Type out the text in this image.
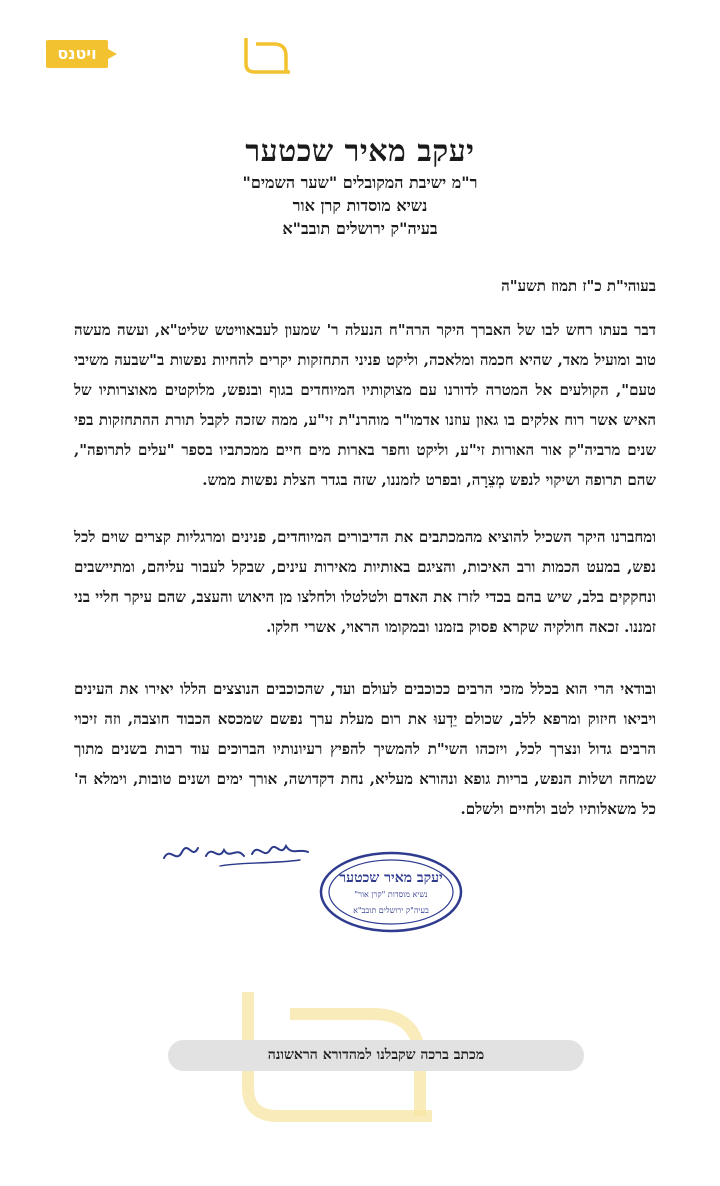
ויטנס
יעקב מאיר שכטער
ר"מ ישיבת המקובלים "שער השמים"
נשיא מוסדות קרן אור
בעיה"ק ירושלים תובב"א
בעוהי"ת כ"ז תמוז תשע"ה
דבר בעתו רחש לבו של האברך היקר הרה"ח הנעלה ר' שמעון לעבאוויטש שליט"א, ועשה מעשה טוב ומועיל מאד, שהיא חכמה ומלאכה, וליקט פניני התחזקות יקרים להחיות נפשות ב"שבעה משיבי טעם", הקולעים אל המטרה לדורנו עם מצוקותיו המיוחדים בגוף ובנפש, מלוקטים מאוצרותיו של האיש אשר רוח אלקים בו גאון עוזנו אדמו"ר מוהרנ"ת זי"ע, ממה שזכה לקבל תורת ההתחזקות בפי שנים מרביה"ק אור האורות זי"ע, וליקט וחפר בארות מים חיים ממכתביו בספר "עלים לתרופה", שהם תרופה ושיקוי לנפש מְצֵרָה, ובפרט לזמננו, שזה בגדר הצלת נפשות ממש.
ומחברנו היקר השכיל להוציא מהמכתבים את הדיבורים המיוחדים, פנינים ומרגליות קצרים שוים לכל נפש, במעט הכמות ורב האיכות, והציגם באותיות מאירות עינים, שבקל לעבור עליהם, ומתיישבים ונחקקים בלב, שיש בהם בכדי לזרז את האדם ולטלטלו ולחלצו מן היאוש והעצב, שהם עיקר חליי בני זמננו. זכאה חולקיה שקרא פסוק בזמנו ובמקומו הראוי, אשרי חלקו.
ובודאי הרי הוא בכלל מזכי הרבים ככוכבים לעולם ועד, שהכוכבים הנוצצים הללו יאירו את העינים ויביאו חיזוק ומרפא ללב, שכולם יֵדְעוּ את רום מעלת ערך נפשם שמכסא הכבוד חוצבה, וזה זיכוי הרבים גדול ונצרך לכל, ויזכהו השי"ת להמשיך להפיץ רעיונותיו הברוכים עוד רבות בשנים מתוך שמחה ושלות הנפש, בריות גופא ונהורא מעליא, נחת דקדושה, אורך ימים ושנים טובות, וימלא ה' כל משאלותיו לטב ולחיים ולשלם.
יעקב מאיר שכטער
נשיא מוסדות "קרן אור"
בעיה"ק ירושלים תובב"א
מכתב ברכה שקבלנו למהדורא הראשונה
